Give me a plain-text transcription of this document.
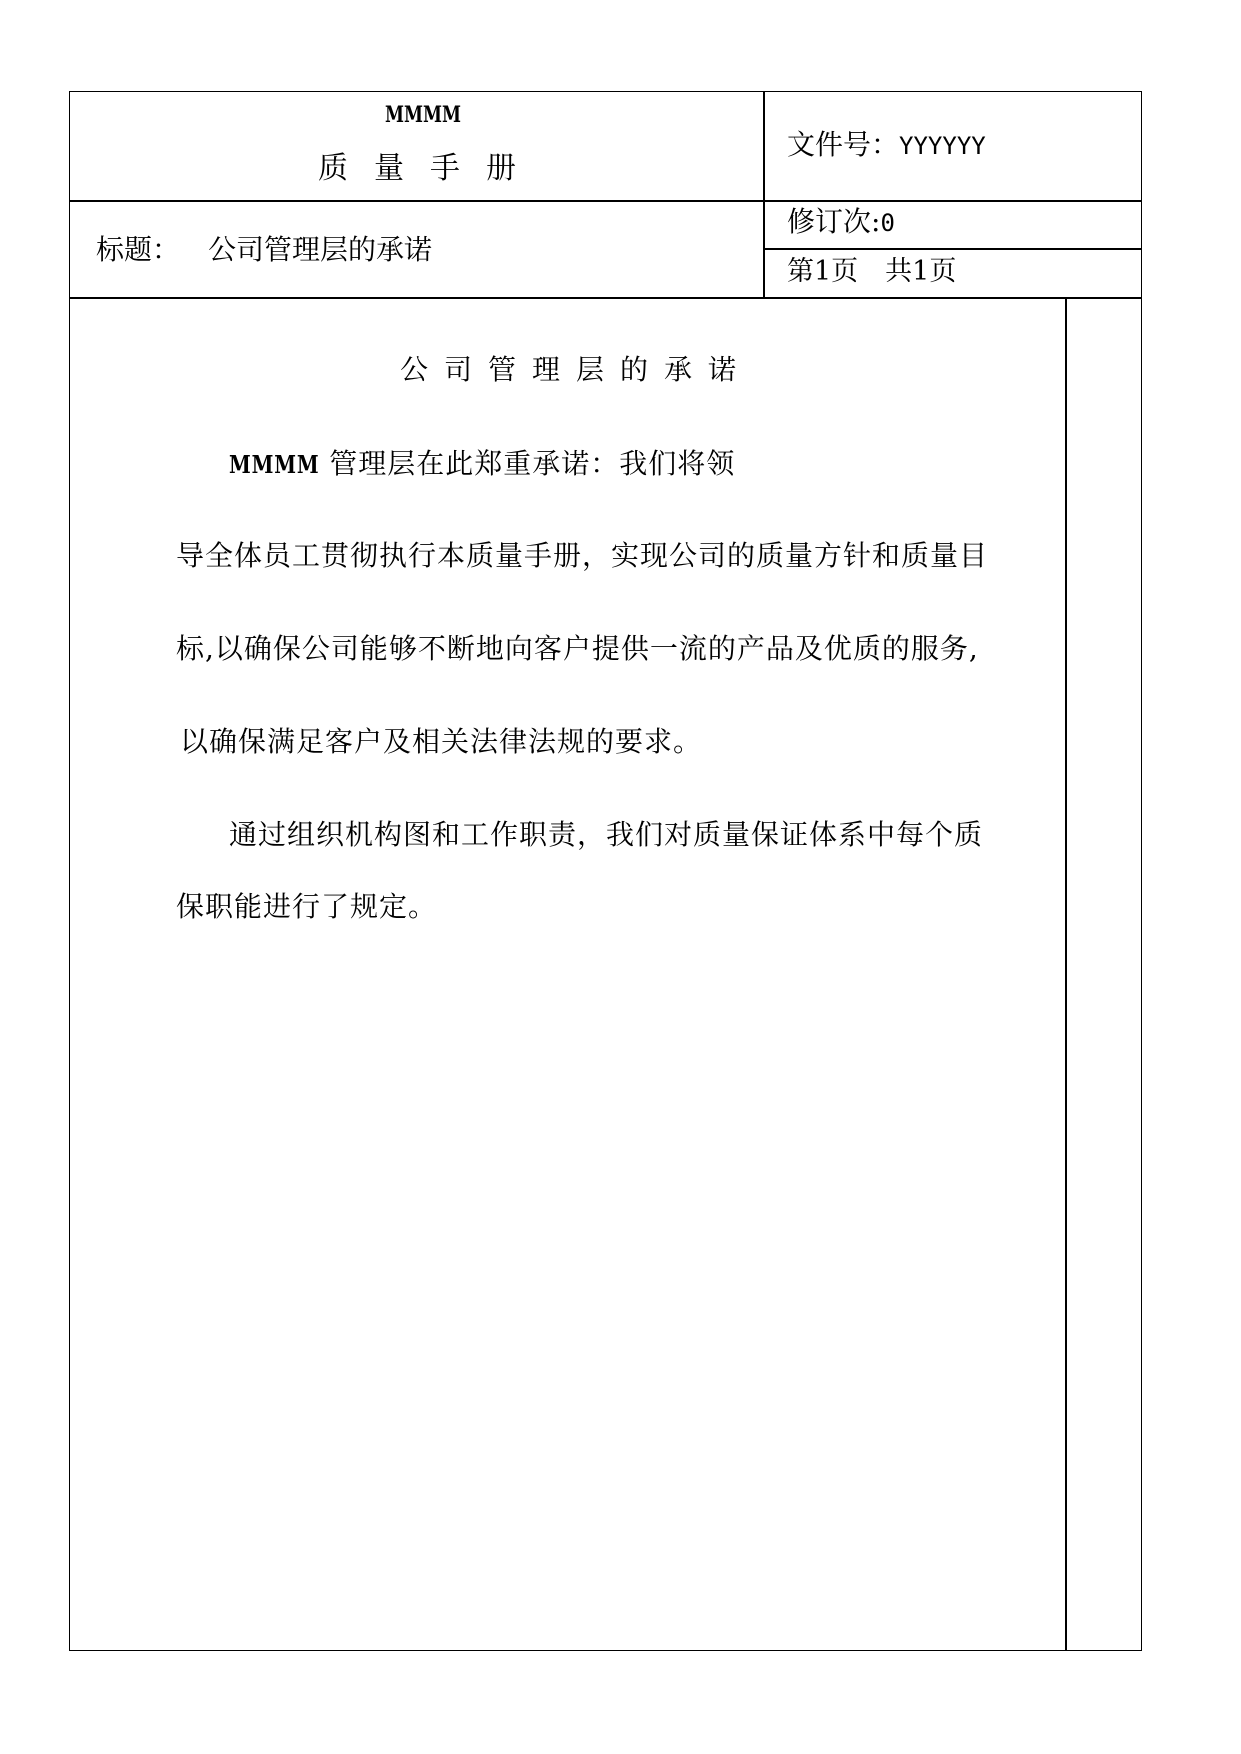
MMMM
质量手册
文件号：YYYYYY
修订次:0
第1页　共1页
标题： 公司管理层的承诺
公司管理层的承诺
MMMM 管理层在此郑重承诺：我们将领
导全体员工贯彻执行本质量手册，实现公司的质量方针和质量目
标,以确保公司能够不断地向客户提供一流的产品及优质的服务,
以确保满足客户及相关法律法规的要求。
通过组织机构图和工作职责，我们对质量保证体系中每个质
保职能进行了规定。
